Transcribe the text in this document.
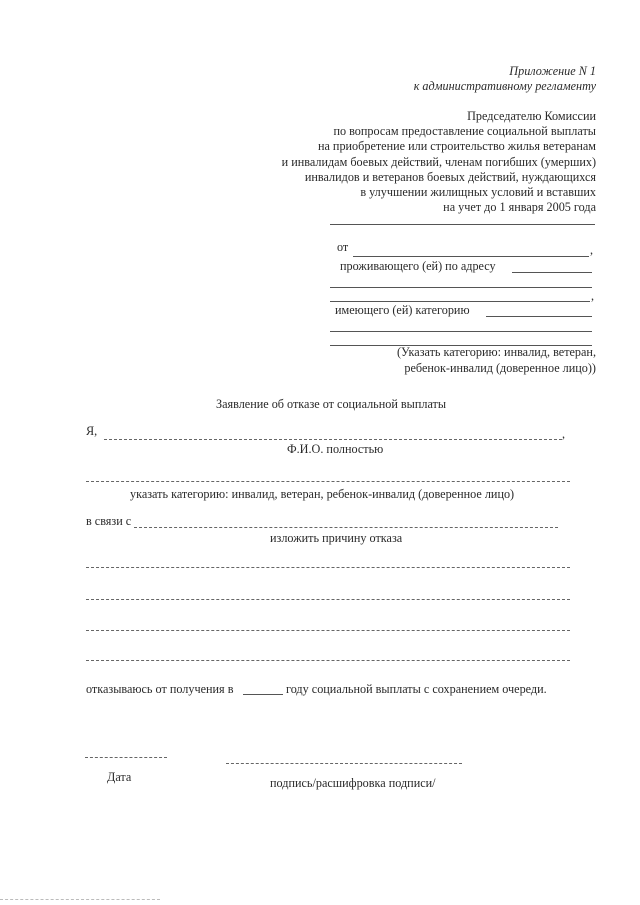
Приложение N 1
к административному регламенту
Председателю Комиссии
по вопросам предоставление социальной выплаты
на приобретение или строительство жилья ветеранам
и инвалидам боевых действий, членам погибших (умерших)
инвалидов и ветеранов боевых действий, нуждающихся
в улучшении жилищных условий и вставших
на учет до 1 января 2005 года
от	,
проживающего (ей) по адресу
,
имеющего (ей) категорию
(Указать категорию: инвалид, ветеран,
ребенок-инвалид (доверенное лицо))
Заявление об отказе от социальной выплаты
Я,	,
Ф.И.О. полностью
указать категорию: инвалид, ветеран, ребенок-инвалид (доверенное лицо)
в связи с
изложить причину отказа
отказываюсь от получения в	году социальной выплаты с сохранением очереди.
Дата	подпись/расшифровка подписи/
